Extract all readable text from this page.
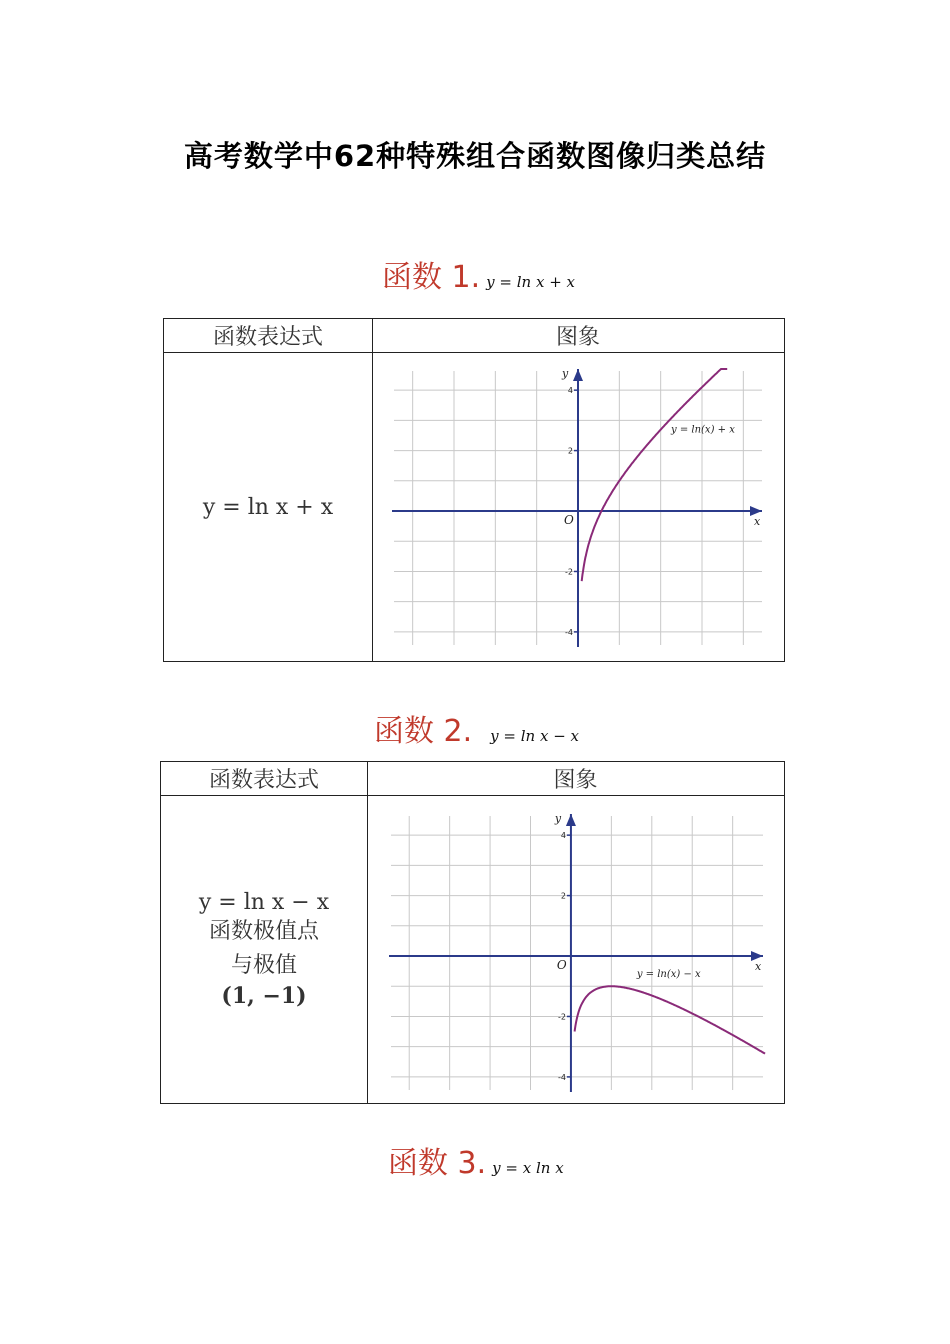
高考数学中62种特殊组合函数图像归类总结
函数 1. y = ln x + x
函数表达式	图象
y = ln x + x
x
y
O
4
2
-2
-4
y = ln(x) + x
函数 2. y = ln x − x
函数表达式	图象
y = ln x − x
函数极值点
与极值
(1, −1)
x
y
O
4
2
-2
-4
y = ln(x) − x
函数 3. y = x ln x
